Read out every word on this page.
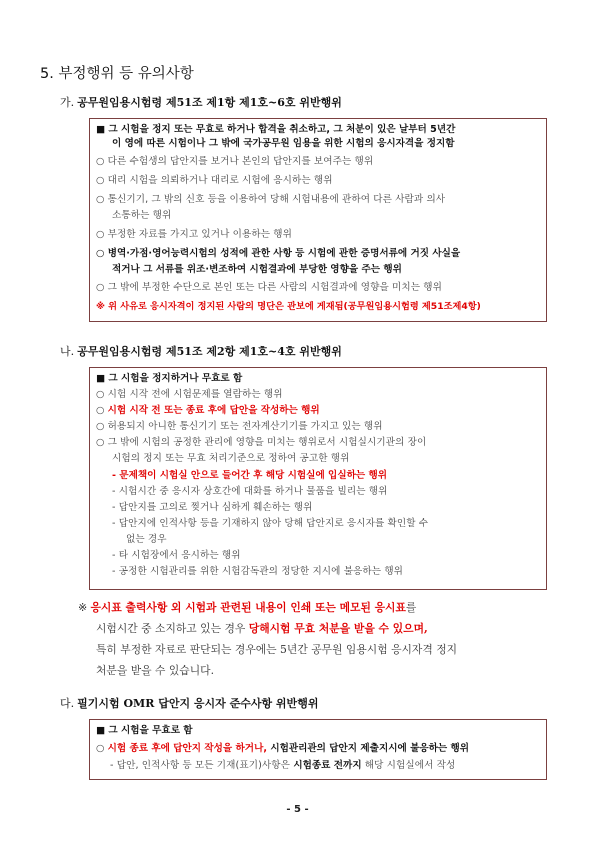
5. 부정행위 등 유의사항
가. 공무원임용시험령 제51조 제1항 제1호~6호 위반행위
■ 그 시험을 정지 또는 무효로 하거나 합격을 취소하고, 그 처분이 있은 날부터 5년간
이 영에 따른 시험이나 그 밖에 국가공무원 임용을 위한 시험의 응시자격을 정지함
○ 다른 수험생의 답안지를 보거나 본인의 답안지를 보여주는 행위
○ 대리 시험을 의뢰하거나 대리로 시험에 응시하는 행위
○ 통신기기, 그 밖의 신호 등을 이용하여 당해 시험내용에 관하여 다른 사람과 의사
소통하는 행위
○ 부정한 자료를 가지고 있거나 이용하는 행위
○ 병역·가점·영어능력시험의 성적에 관한 사항 등 시험에 관한 증명서류에 거짓 사실을
적거나 그 서류를 위조·변조하여 시험결과에 부당한 영향을 주는 행위
○ 그 밖에 부정한 수단으로 본인 또는 다른 사람의 시험결과에 영향을 미치는 행위
※ 위 사유로 응시자격이 정지된 사람의 명단은 관보에 게재됨(공무원임용시험령 제51조제4항)
나. 공무원임용시험령 제51조 제2항 제1호~4호 위반행위
■ 그 시험을 정지하거나 무효로 함
○ 시험 시작 전에 시험문제를 열람하는 행위
○ 시험 시작 전 또는 종료 후에 답안을 작성하는 행위
○ 허용되지 아니한 통신기기 또는 전자계산기기를 가지고 있는 행위
○ 그 밖에 시험의 공정한 관리에 영향을 미치는 행위로서 시험실시기관의 장이
시험의 정지 또는 무효 처리기준으로 정하여 공고한 행위
- 문제책이 시험실 안으로 들어간 후 해당 시험실에 입실하는 행위
- 시험시간 중 응시자 상호간에 대화를 하거나 물품을 빌리는 행위
- 답안지를 고의로 찢거나 심하게 훼손하는 행위
- 답안지에 인적사항 등을 기재하지 않아 당해 답안지로 응시자를 확인할 수
없는 경우
- 타 시험장에서 응시하는 행위
- 공정한 시험관리를 위한 시험감독관의 정당한 지시에 불응하는 행위
※ 응시표 출력사항 외 시험과 관련된 내용이 인쇄 또는 메모된 응시표를
시험시간 중 소지하고 있는 경우 당해시험 무효 처분을 받을 수 있으며,
특히 부정한 자료로 판단되는 경우에는 5년간 공무원 임용시험 응시자격 정지
처분을 받을 수 있습니다.
다. 필기시험 OMR 답안지 응시자 준수사항 위반행위
■ 그 시험을 무효로 함
○ 시험 종료 후에 답안지 작성을 하거나, 시험관리관의 답안지 제출지시에 불응하는 행위
- 답안, 인적사항 등 모든 기재(표기)사항은 시험종료 전까지 해당 시험실에서 작성
- 5 -
